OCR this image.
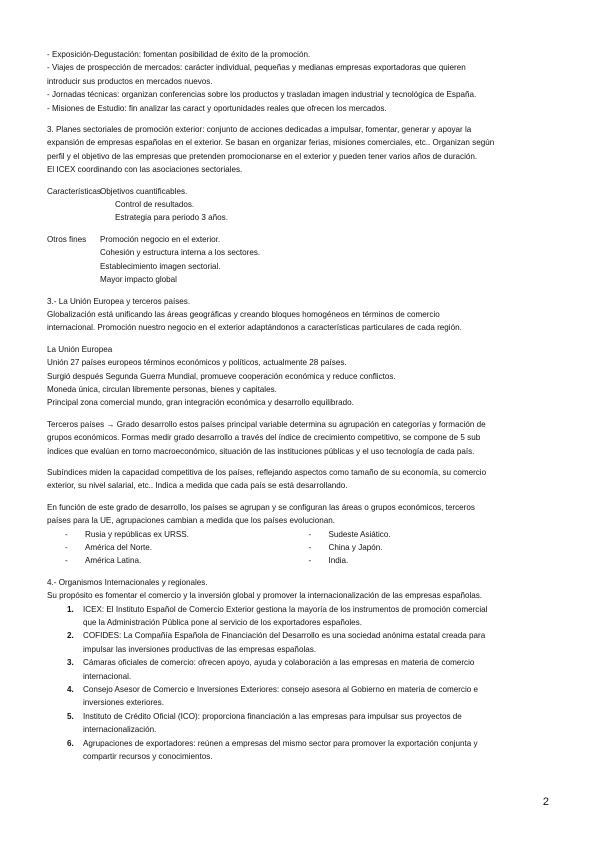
- Exposición-Degustación: fomentan posibilidad de éxito de la promoción.

- Viajes de prospección de mercados: carácter individual, pequeñas y medianas empresas exportadoras que quieren

introducir sus productos en mercados nuevos.

- Jornadas técnicas: organizan conferencias sobre los productos y trasladan imagen industrial y tecnológica de España.

- Misiones de Estudio: fin analizar las caract y oportunidades reales que ofrecen los mercados.

3. Planes sectoriales de promoción exterior: conjunto de acciones dedicadas a impulsar, fomentar, generar y apoyar la

expansión de empresas españolas en el exterior. Se basan en organizar ferias, misiones comerciales, etc.. Organizan según

perfil y el objetivo de las empresas que pretenden promocionarse en el exterior y pueden tener varios años de duración.

El ICEX coordinando con las asociaciones sectoriales.

Características Objetivos cuantificables.

Control de resultados.

Estrategia para periodo 3 años.

Otros fines	Promoción negocio en el exterior.

Cohesión y estructura interna a los sectores.

Establecimiento imagen sectorial.

Mayor impacto global

3.- La Unión Europea y terceros países.

Globalización está unificando las áreas geográficas y creando bloques homogéneos en términos de comercio

internacional. Promoción nuestro negocio en el exterior adaptándonos a características particulares de cada región.

La Unión Europea

Unión 27 países europeos términos económicos y políticos, actualmente 28 países.

Surgió después Segunda Guerra Mundial, promueve cooperación económica y reduce conflictos.

Moneda única, circulan libremente personas, bienes y capitales.

Principal zona comercial mundo, gran integración económica y desarrollo equilibrado.

Terceros países → Grado desarrollo estos países principal variable determina su agrupación en categorías y formación de

grupos económicos. Formas medir grado desarrollo a través del índice de crecimiento competitivo, se compone de 5 sub

índices que evalúan en torno macroeconómico, situación de las instituciones públicas y el uso tecnología de cada país.

Subíndices miden la capacidad competitiva de los países, reflejando aspectos como tamaño de su economía, su comercio

exterior, su nivel salarial, etc.. Indica a medida que cada país se está desarrollando.

En función de este grado de desarrollo, los países se agrupan y se configuran las áreas o grupos económicos, terceros

países para la UE, agrupaciones cambian a medida que los países evolucionan.

- Rusia y repúblicas ex URSS.
- América del Norte.
- América Latina.
- Sudeste Asiático.
- China y Japón.
- India.

4.- Organismos Internacionales y regionales.

Su propósito es fomentar el comercio y la inversión global y promover la internacionalización de las empresas españolas.

1. ICEX: El Instituto Español de Comercio Exterior gestiona la mayoría de los instrumentos de promoción comercial
que la Administración Pública pone al servicio de los exportadores españoles.
2. COFIDES: La Compañía Española de Financiación del Desarrollo es una sociedad anónima estatal creada para
impulsar las inversiones productivas de las empresas españolas.
3. Cámaras oficiales de comercio: ofrecen apoyo, ayuda y colaboración a las empresas en materia de comercio
internacional.
4. Consejo Asesor de Comercio e Inversiones Exteriores: consejo asesora al Gobierno en materia de comercio e
inversiones exteriores.
5. Instituto de Crédito Oficial (ICO): proporciona financiación a las empresas para impulsar sus proyectos de
internacionalización.
6. Agrupaciones de exportadores: reúnen a empresas del mismo sector para promover la exportación conjunta y
compartir recursos y conocimientos.
2
